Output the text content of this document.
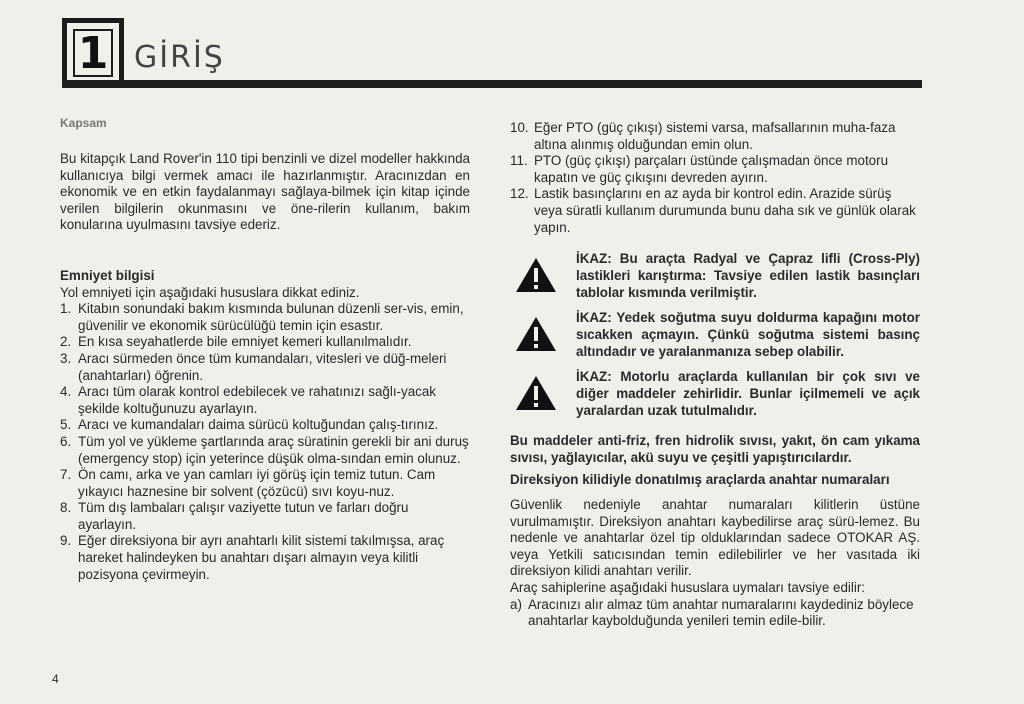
1 GİRİŞ

Kapsam

Bu kitapçık Land Rover'in 110 tipi benzinli ve dizel modeller hakkında kullanıcıya bilgi vermek amacı ile hazırlanmıştır. Aracınızdan en ekonomik ve en etkin faydalanmayı sağlaya-bilmek için kitap içinde verilen bilgilerin okunmasını ve öne-rilerin kullanım, bakım konularına uyulmasını tavsiye ederiz.

Emniyet bilgisi

Yol emniyeti için aşağıdaki hususlara dikkat ediniz.

1. Kitabın sonundaki bakım kısmında bulunan düzenli ser-vis, emin, güvenilir ve ekonomik sürücülüğü temin için esastır.
2. En kısa seyahatlerde bile emniyet kemeri kullanılmalıdır.
3. Aracı sürmeden önce tüm kumandaları, vitesleri ve düğ-meleri (anahtarları) öğrenin.
4. Aracı tüm olarak kontrol edebilecek ve rahatınızı sağlı-yacak şekilde koltuğunuzu ayarlayın.
5. Aracı ve kumandaları daima sürücü koltuğundan çalış-tırınız.
6. Tüm yol ve yükleme şartlarında araç süratinin gerekli bir ani duruş (emergency stop) için yeterince düşük olma-sından emin olunuz.
7. Ön camı, arka ve yan camları iyi görüş için temiz tutun. Cam yıkayıcı haznesine bir solvent (çözücü) sıvı koyu-nuz.
8. Tüm dış lambaları çalışır vaziyette tutun ve farları doğru ayarlayın.
9. Eğer direksiyona bir ayrı anahtarlı kilit sistemi takılmışsa, araç hareket halindeyken bu anahtarı dışarı almayın veya kilitli pozisyona çevirmeyin.
10. Eğer PTO (güç çıkışı) sistemi varsa, mafsallarının muha-faza altına alınmış olduğundan emin olun.
11. PTO (güç çıkışı) parçaları üstünde çalışmadan önce motoru kapatın ve güç çıkışını devreden ayırın.
12. Lastik basınçlarını en az ayda bir kontrol edin. Arazide sürüş veya süratli kullanım durumunda bunu daha sık ve günlük olarak yapın.
İKAZ: Bu araçta Radyal ve Çapraz lifli (Cross-Ply) lastikleri karıştırma: Tavsiye edilen lastik basınçları tablolar kısmında verilmiştir.
İKAZ: Yedek soğutma suyu doldurma kapağını motor sıcakken açmayın. Çünkü soğutma sistemi basınç altındadır ve yaralanmanıza sebep olabilir.
İKAZ: Motorlu araçlarda kullanılan bir çok sıvı ve diğer maddeler zehirlidir. Bunlar içilmemeli ve açık yaralardan uzak tutulmalıdır.

Bu maddeler anti-friz, fren hidrolik sıvısı, yakıt, ön cam yıkama sıvısı, yağlayıcılar, akü suyu ve çeşitli yapıştırıcılardır.

Direksiyon kilidiyle donatılmış araçlarda anahtar numaraları

Güvenlik nedeniyle anahtar numaraları kilitlerin üstüne vurulmamıştır. Direksiyon anahtarı kaybedilirse araç sürü-lemez. Bu nedenle ve anahtarlar özel tip olduklarından sadece OTOKAR AŞ. veya Yetkili satıcısından temin edilebilirler ve her vasıtada iki direksiyon kilidi anahtarı verilir.

Araç sahiplerine aşağıdaki hususlara uymaları tavsiye edilir:

a) Aracınızı alır almaz tüm anahtar numaralarını kaydediniz böylece anahtarlar kaybolduğunda yenileri temin edile-bilir.
4
